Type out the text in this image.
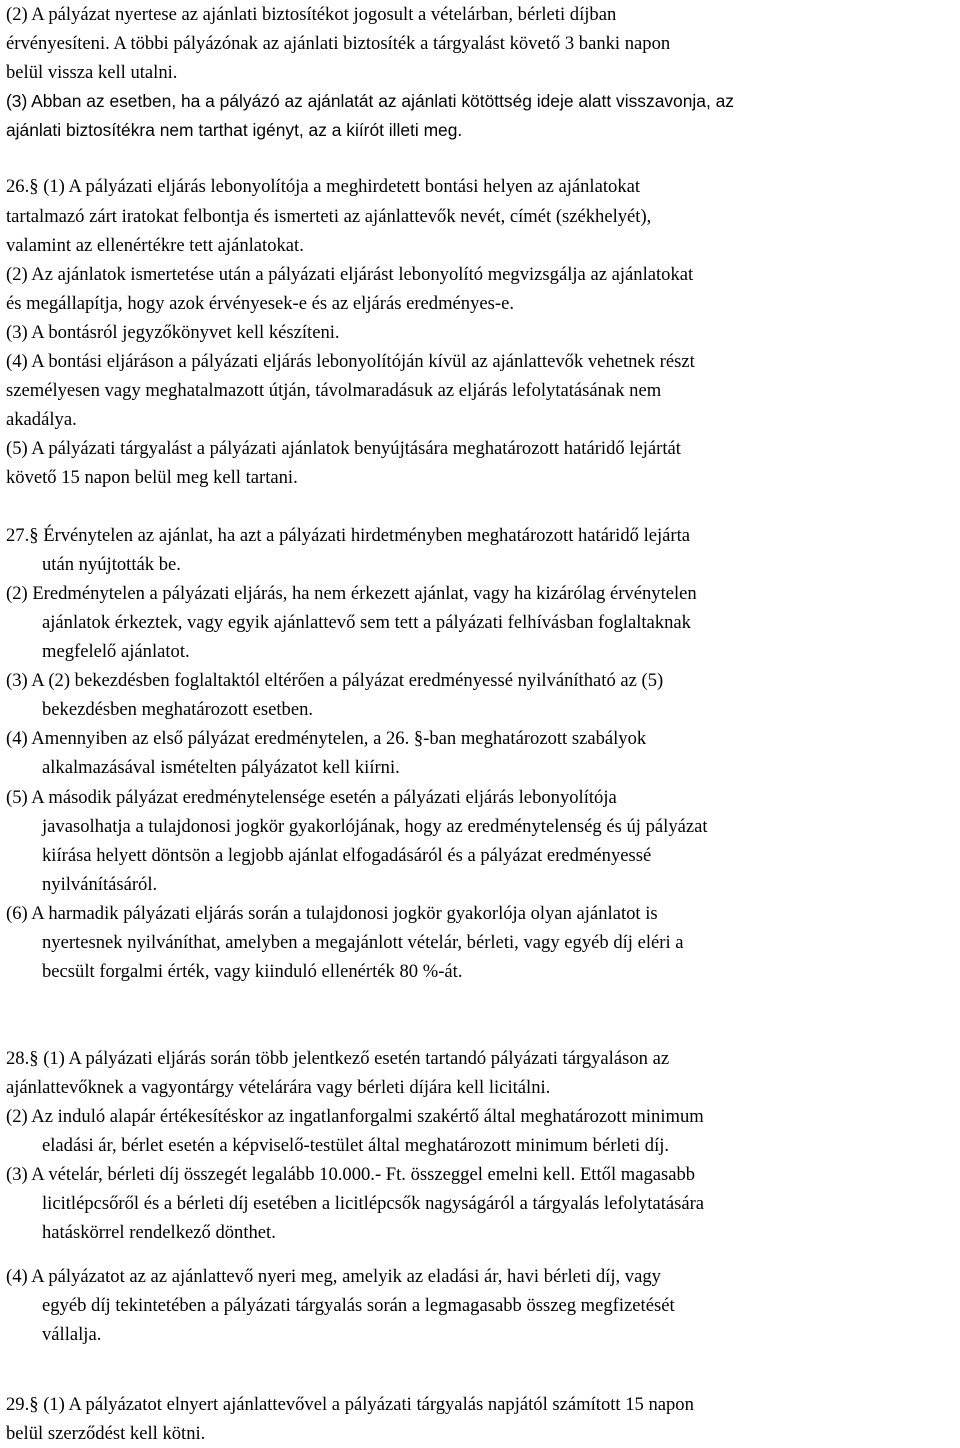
(2) A pályázat nyertese az ajánlati biztosítékot jogosult a vételárban, bérleti díjban
érvényesíteni. A többi pályázónak az ajánlati biztosíték a tárgyalást követő 3 banki napon
belül vissza kell utalni.
(3) Abban az esetben, ha a pályázó az ajánlatát az ajánlati kötöttség ideje alatt visszavonja, az
ajánlati biztosítékra nem tarthat igényt, az a kiírót illeti meg.
26.§ (1) A pályázati eljárás lebonyolítója a meghirdetett bontási helyen az ajánlatokat
tartalmazó zárt iratokat felbontja és ismerteti az ajánlattevők nevét, címét (székhelyét),
valamint az ellenértékre tett ajánlatokat.
(2) Az ajánlatok ismertetése után a pályázati eljárást lebonyolító megvizsgálja az ajánlatokat
és megállapítja, hogy azok érvényesek-e és az eljárás eredményes-e.
(3) A bontásról jegyzőkönyvet kell készíteni.
(4) A bontási eljáráson a pályázati eljárás lebonyolítóján kívül az ajánlattevők vehetnek részt
személyesen vagy meghatalmazott útján, távolmaradásuk az eljárás lefolytatásának nem
akadálya.
(5) A pályázati tárgyalást a pályázati ajánlatok benyújtására meghatározott határidő lejártát
követő 15 napon belül meg kell tartani.
27.§ Érvénytelen az ajánlat, ha azt a pályázati hirdetményben meghatározott határidő lejárta
után nyújtották be.
(2) Eredménytelen a pályázati eljárás, ha nem érkezett ajánlat, vagy ha kizárólag érvénytelen
ajánlatok érkeztek, vagy egyik ajánlattevő sem tett a pályázati felhívásban foglaltaknak
megfelelő ajánlatot.
(3) A (2) bekezdésben foglaltaktól eltérően a pályázat eredményessé nyilvánítható az (5)
bekezdésben meghatározott esetben.
(4) Amennyiben az első pályázat eredménytelen, a 26. §-ban meghatározott szabályok
alkalmazásával ismételten pályázatot kell kiírni.
(5) A második pályázat eredménytelensége esetén a pályázati eljárás lebonyolítója
javasolhatja a tulajdonosi jogkör gyakorlójának, hogy az eredménytelenség és új pályázat
kiírása helyett döntsön a legjobb ajánlat elfogadásáról és a pályázat eredményessé
nyilvánításáról.
(6) A harmadik pályázati eljárás során a tulajdonosi jogkör gyakorlója olyan ajánlatot is
nyertesnek nyilváníthat, amelyben a megajánlott vételár, bérleti, vagy egyéb díj eléri a
becsült forgalmi érték, vagy kiinduló ellenérték 80 %-át.
28.§ (1) A pályázati eljárás során több jelentkező esetén tartandó pályázati tárgyaláson az
ajánlattevőknek a vagyontárgy vételárára vagy bérleti díjára kell licitálni.
(2) Az induló alapár értékesítéskor az ingatlanforgalmi szakértő által meghatározott minimum
eladási ár, bérlet esetén a képviselő-testület által meghatározott minimum bérleti díj.
(3) A vételár, bérleti díj összegét legalább 10.000.- Ft. összeggel emelni kell. Ettől magasabb
licitlépcsőről és a bérleti díj esetében a licitlépcsők nagyságáról a tárgyalás lefolytatására
hatáskörrel rendelkező dönthet.
(4) A pályázatot az az ajánlattevő nyeri meg, amelyik az eladási ár, havi bérleti díj, vagy
egyéb díj tekintetében a pályázati tárgyalás során a legmagasabb összeg megfizetését
vállalja.
29.§ (1) A pályázatot elnyert ajánlattevővel a pályázati tárgyalás napjától számított 15 napon
belül szerződést kell kötni.
